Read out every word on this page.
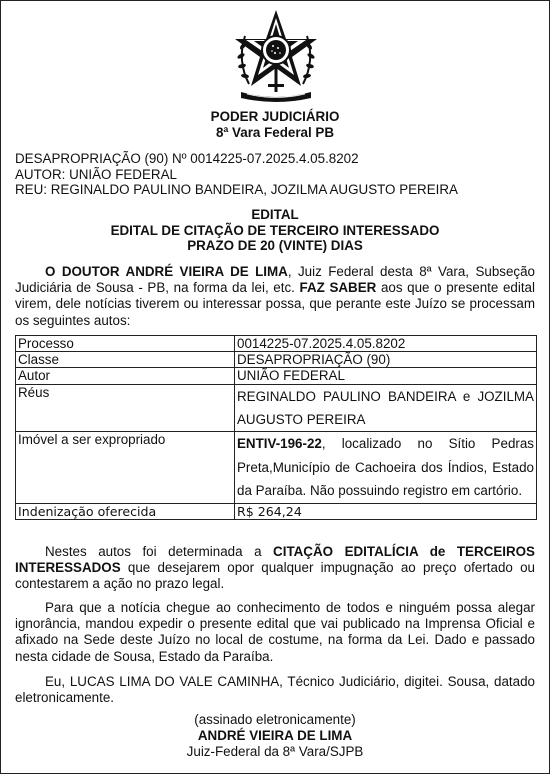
PODER JUDICIÁRIO
8ª Vara Federal PB
DESAPROPRIAÇÃO (90) Nº 0014225-07.2025.4.05.8202
AUTOR: UNIÃO FEDERAL
REU: REGINALDO PAULINO BANDEIRA, JOZILMA AUGUSTO PEREIRA
EDITAL
EDITAL DE CITAÇÃO DE TERCEIRO INTERESSADO
PRAZO DE 20 (VINTE) DIAS
O DOUTOR ANDRÉ VIEIRA DE LIMA, Juiz Federal desta 8ª Vara, Subseção Judiciária de Sousa - PB, na forma da lei, etc. FAZ SABER aos que o presente edital virem, dele notícias tiverem ou interessar possa, que perante este Juízo se processam os seguintes autos:
Processo	0014225-07.2025.4.05.8202
Classe	DESAPROPRIAÇÃO (90)
Autor	UNIÃO FEDERAL
Réus	REGINALDO PAULINO BANDEIRA e JOZILMA AUGUSTO PEREIRA
Imóvel a ser expropriado	ENTIV-196-22, localizado no Sítio Pedras Preta,Município de Cachoeira dos Índios, Estado da Paraíba. Não possuindo registro em cartório.
Indenização oferecida	R$ 264,24
Nestes autos foi determinada a CITAÇÃO EDITALÍCIA de TERCEIROS INTERESSADOS que desejarem opor qualquer impugnação ao preço ofertado ou contestarem a ação no prazo legal.
Para que a notícia chegue ao conhecimento de todos e ninguém possa alegar ignorância, mandou expedir o presente edital que vai publicado na Imprensa Oficial e afixado na Sede deste Juízo no local de costume, na forma da Lei. Dado e passado nesta cidade de Sousa, Estado da Paraíba.
Eu, LUCAS LIMA DO VALE CAMINHA, Técnico Judiciário, digitei. Sousa, datado eletronicamente.
(assinado eletronicamente)
ANDRÉ VIEIRA DE LIMA
Juiz-Federal da 8ª Vara/SJPB
